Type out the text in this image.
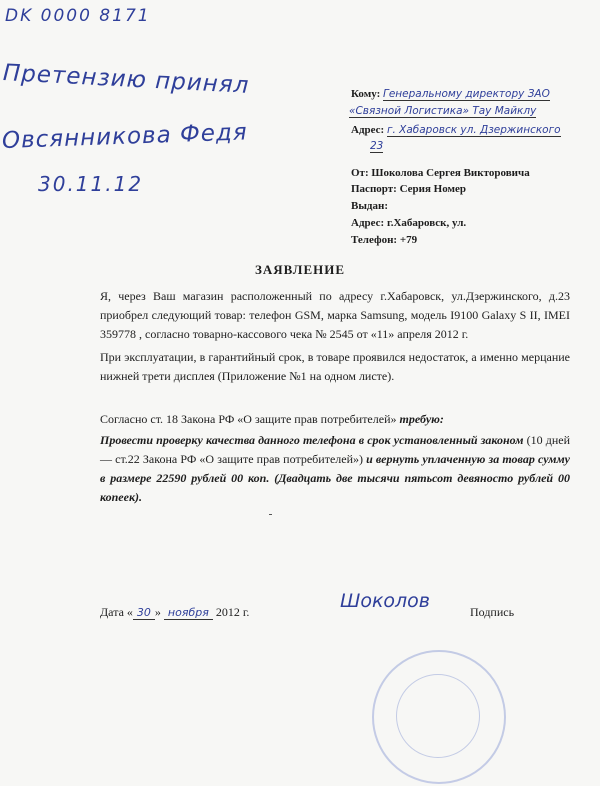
DK 0000 8171
Претензию принял
Овсянникова Федя
30.11.12
Кому: Генеральному директору ЗАО
«Связной Логистика» Тау Майклу
Адрес: г. Хабаровск ул. Дзержинского
23
От: Шоколова Сергея Викторовича
Паспорт: Серия Номер
Выдан:
Адрес: г.Хабаровск, ул.
Телефон: +79
ЗАЯВЛЕНИЕ
Я, через Ваш магазин расположенный по адресу г.Хабаровск, ул.Дзержинского, д.23 приобрел следующий товар: телефон GSM, марка Samsung, модель I9100 Galaxy S II, IMEI 359778 , согласно товарно-кассового чека № 2545 от «11» апреля 2012 г.
При эксплуатации, в гарантийный срок, в товаре проявился недостаток, а именно мерцание нижней трети дисплея (Приложение №1 на одном листе).
Согласно ст. 18 Закона РФ «О защите прав потребителей» требую:
Провести проверку качества данного телефона в срок установленный законом (10 дней — ст.22 Закона РФ «О защите прав потребителей») и вернуть уплаченную за товар сумму в размере 22590 рублей 00 коп. (Двадцать две тысячи пятьсот девяносто рублей 00 копеек).
Дата « 30 » ноября 2012 г.	Шоколов	Подпись
